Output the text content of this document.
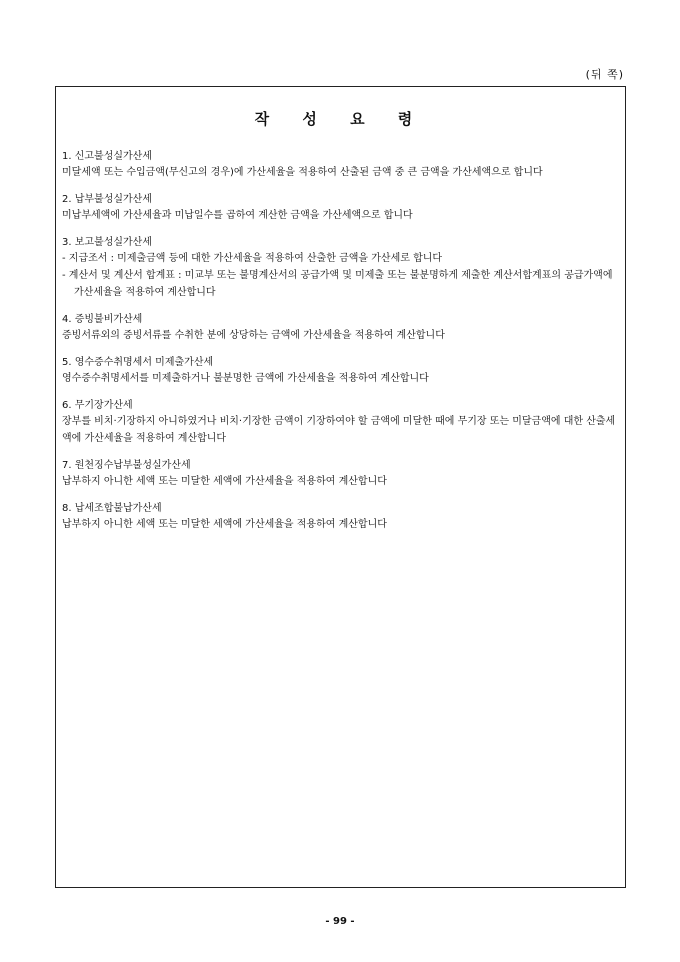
(뒤 쪽)
작 성 요 령

1. 신고불성실가산세

미달세액 또는 수입금액(무신고의 경우)에 가산세율을 적용하여 산출된 금액 중 큰 금액을 가산세액으로 합니다

2. 납부불성실가산세

미납부세액에 가산세율과 미납일수를 곱하여 계산한 금액을 가산세액으로 합니다

3. 보고불성실가산세

- 지급조서 : 미제출금액 등에 대한 가산세율을 적용하여 산출한 금액을 가산세로 합니다

- 계산서 및 계산서 합계표 : 미교부 또는 불명계산서의 공급가액 및 미제출 또는 불분명하게 제출한 계산서합계표의 공급가액에 가산세율을 적용하여 계산합니다

4. 증빙불비가산세

증빙서류외의 증빙서류를 수취한 분에 상당하는 금액에 가산세율을 적용하여 계산합니다

5. 영수증수취명세서 미제출가산세

영수증수취명세서를 미제출하거나 불분명한 금액에 가산세율을 적용하여 계산합니다

6. 무기장가산세

장부를 비치·기장하지 아니하였거나 비치·기장한 금액이 기장하여야 할 금액에 미달한 때에 무기장 또는 미달금액에 대한 산출세액에 가산세율을 적용하여 계산합니다

7. 원천징수납부불성실가산세

납부하지 아니한 세액 또는 미달한 세액에 가산세율을 적용하여 계산합니다

8. 납세조합불납가산세

납부하지 아니한 세액 또는 미달한 세액에 가산세율을 적용하여 계산합니다

- 99 -
